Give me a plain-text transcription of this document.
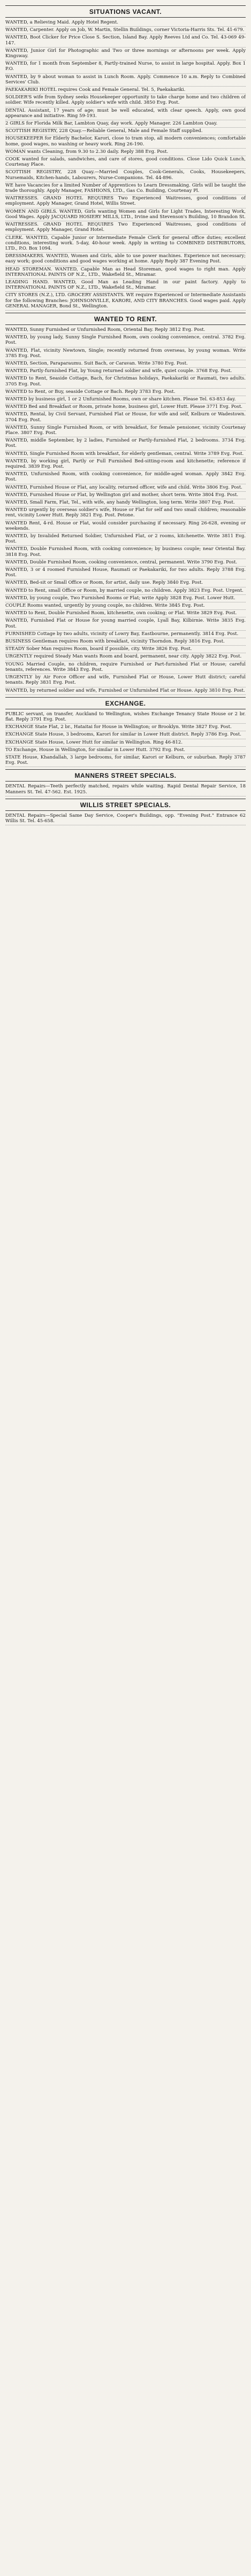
SITUATIONS VACANT.
WANTED, a Relieving Maid. Apply Hotel Regent.
WANTED, Carpenter. Apply on Job, W. Martin, Stellin Buildings, corner Victoria-Harris Sts. Tel. 41-679.
WANTED, Boot Clicker for Price Close S. Section, Island Bay. Apply Reeves Ltd and Co. Tel. 43-069 49-147.
WANTED, Junior Girl for Photographic and Two or three mornings or afternoons per week. Apply Kingsway.
WANTED, for 1 month from September 8, Partly-trained Nurse, to assist in large hospital. Apply. Box 1 P.O.
WANTED, by 9 about woman to assist in Lunch Room. Apply. Commence 10 a.m. Reply to Combined Services' Club.
PAEKAKARIKI HOTEL requires Cook and Female General. Tel. 5, Paekakariki.
SOLDIER'S wife from Sydney seeks Housekeeper opportunity to take charge home and two children of soldier. Wife recently killed. Apply soldier's wife with child. 3850 Evg. Post.
DENTAL Assistant, 17 years of age; must be well educated, with clear speech. Apply, own good appearance and initiative. Ring 59-193.
2 GIRLS for Florida Milk Bar, Lambton Quay, day work. Apply Manager. 226 Lambton Quay.
SCOTTISH REGISTRY, 228 Quay.—Reliable General, Male and Female Staff supplied.
HOUSEKEEPER for Elderly Bachelor, Karori, close to tram stop, all modern conveniences; comfortable home, good wages, no washing or heavy work. Ring 26-190.
WOMAN wants Cleaning, from 9.30 to 2.30 daily. Reply 388 Evg. Post.
COOK wanted for salads, sandwiches, and care of stores, good conditions. Close Lido Quick Lunch, Courtenay Place.
SCOTTISH REGISTRY, 228 Quay.—Married Couples, Cook-Generals, Cooks, Housekeepers, Nursemaids, Kitchen-hands, Labourers, Nurse-Companions. Tel. 44-896.
WE have Vacancies for a limited Number of Apprentices to Learn Dressmaking. Girls will be taught the trade thoroughly. Apply Manager, FASHIONS, LTD., Gas Co. Building, Courtenay Pl.
WAITRESSES. GRAND HOTEL REQUIRES Two Experienced Waitresses, good conditions of employment. Apply Manager, Grand Hotel, Willis Street.
WOMEN AND GIRLS. WANTED, Girls wanting Women and Girls for Light Trades, Interesting Work, Good Wages. Apply JACQUARD HOSIERY MILLS, LTD., Irvine and Stevenson's Building, 10 Brandon St.
WAITRESSES. GRAND HOTEL REQUIRES Two Experienced Waitresses, good conditions of employment. Apply Manager, Grand Hotel.
CLERK. WANTED, Capable Junior or Intermediate Female Clerk for general office duties; excellent conditions, interesting work. 5-day, 40-hour week. Apply in writing to COMBINED DISTRIBUTORS, LTD., P.O. Box 1094.
DRESSMAKERS. WANTED, Women and Girls, able to use power machines. Experience not necessary; easy work; good conditions and good wages working at home. Apply Reply 387 Evening Post.
HEAD STOREMAN. WANTED, Capable Man as Head Storeman, good wages to right man. Apply INTERNATIONAL PAINTS OF N.Z., LTD., Wakefield St., Miramar.
LEADING HAND. WANTED, Good Man as Leading Hand in our paint factory. Apply to INTERNATIONAL PAINTS OF N.Z., LTD., Wakefield St., Miramar.
CITY STORES (N.Z.), LTD. GROCERY ASSISTANTS. WE require Experienced or Intermediate Assistants for the following Branches: JOHNSONVILLE, KARORI, AND CITY BRANCHES. Good wages paid. Apply GENERAL MANAGER, Bond St., Wellington.
WANTED TO RENT.
WANTED, Sunny Furnished or Unfurnished Room, Oriental Bay. Reply 3812 Evg. Post.
WANTED, by young lady, Sunny Single Furnished Room, own cooking convenience, central. 3782 Evg. Post.
WANTED, Flat, vicinity Newtown, Single; recently returned from overseas, by young woman. Write 3785 Evg. Post.
WANTED, Section, Paraparaumu. Suit Bach, or Caravan. Write 3780 Evg. Post.
WANTED, Partly-furnished Flat, by Young returned soldier and wife, quiet couple. 3768 Evg. Post.
WANTED to Rent, Seaside Cottage, Bach, for Christmas holidays, Paekakariki or Raumati, two adults. 3705 Evg. Post.
WANTED to Rent, or Buy, seaside Cottage or Bach. Reply 3783 Evg. Post.
WANTED by business girl, 1 or 2 Unfurnished Rooms, own or share kitchen. Please Tel. 63-853 day.
WANTED Bed and Breakfast or Room, private home, business girl, Lower Hutt. Please 3771 Evg. Post.
WANTED, Rental, by Civil Servant, Furnished Flat or House, for wife and self, Kelburn or Wadestown. 3704 Evg. Post.
WANTED, Sunny Single Furnished Room, or with breakfast, for female pensioner, vicinity Courtenay Place. 3807 Evg. Post.
WANTED, middle September, by 2 ladies, Furnished or Partly-furnished Flat, 2 bedrooms. 3734 Evg. Post.
WANTED, Single Furnished Room with breakfast, for elderly gentleman, central. Write 3789 Evg. Post.
WANTED, by working girl, Partly or Full Furnished Bed-sitting-room and kitchenette; reference if required. 3839 Evg. Post.
WANTED, Unfurnished Room, with cooking convenience, for middle-aged woman. Apply 3842 Evg. Post.
WANTED, Furnished House or Flat, any locality, returned officer, wife and child. Write 3806 Evg. Post.
WANTED, Furnished House or Flat, by Wellington girl and mother, short term. Write 3804 Evg. Post.
WANTED, Small Farm, Flat, Tel., with wife, any handy Wellington, long term. Write 3807 Evg. Post.
WANTED urgently by overseas soldier's wife, House or Flat for self and two small children; reasonable rent, vicinity Lower Hutt. Reply 3821 Evg. Post. Petone.
WANTED Rent, 4-rd. House or Flat, would consider purchasing if necessary. Ring 26-628, evening or weekends.
WANTED, by Invalided Returned Soldier, Unfurnished Flat, or 2 rooms, kitchenette. Write 3811 Evg. Post.
WANTED, Double Furnished Room, with cooking convenience; by business couple; near Oriental Bay. 3818 Evg. Post.
WANTED, Double Furnished Room, cooking convenience, central, permanent. Write 3790 Evg. Post.
WANTED, 3 or 4 roomed Furnished House, Raumati or Paekakariki, for two adults. Reply 3788 Evg. Post.
WANTED, Bed-sit or Small Office or Room, for artist, daily use. Reply 3840 Evg. Post.
WANTED to Rent, small Office or Room, by married couple, no children. Apply 3823 Evg. Post. Urgent.
WANTED, by young couple, Two Furnished Rooms or Flat; write Apply 3828 Evg. Post. Lower Hutt.
COUPLE Rooms wanted, urgently by young couple, no children. Write 3845 Evg. Post.
WANTED to Rent, Double Furnished Room, kitchenette, own cooking; or Flat. Write 3829 Evg. Post.
WANTED, Furnished Flat or House for young married couple, Lyall Bay, Kilbirnie. Write 3835 Evg. Post.
FURNISHED Cottage by two adults, vicinity of Lowry Bay, Eastbourne, permanently. 3814 Evg. Post.
BUSINESS Gentleman requires Room with breakfast, vicinity Thorndon. Reply 3816 Evg. Post.
STEADY Sober Man requires Room, board if possible, city. Write 3826 Evg. Post.
URGENTLY required Steady Man wants Room and board, permanent, near city. Apply 3822 Evg. Post.
YOUNG Married Couple, no children, require Furnished or Part-furnished Flat or House; careful tenants, references. Write 3843 Evg. Post.
URGENTLY by Air Force Officer and wife, Furnished Flat or House, Lower Hutt district; careful tenants. Reply 3831 Evg. Post.
WANTED, by returned soldier and wife, Furnished or Unfurnished Flat or House. Apply 3810 Evg. Post.
EXCHANGE.
PUBLIC servant, on transfer, Auckland to Wellington, wishes Exchange Tenancy State House or 2 br. flat. Reply 3791 Evg. Post.
EXCHANGE State Flat, 2 br., Hataitai for House in Wellington; or Brooklyn. Write 3827 Evg. Post.
EXCHANGE State House, 3 bedrooms, Karori for similar in Lower Hutt district. Reply 3786 Evg. Post.
EXCHANGE State House, Lower Hutt for similar in Wellington. Ring 46-812.
TO Exchange, House in Wellington, for similar in Lower Hutt. 3792 Evg. Post.
STATE House, Khandallah, 3 large bedrooms, for similar, Karori or Kelburn, or suburban. Reply 3787 Evg. Post.
MANNERS STREET SPECIALS.
DENTAL Repairs—Teeth perfectly matched, repairs while waiting. Rapid Dental Repair Service, 18 Manners St. Tel. 47-562. Est. 1925.
WILLIS STREET SPECIALS.
DENTAL Repairs—Special Same Day Service, Cooper's Buildings, opp. "Evening Post." Entrance 62 Willis St. Tel. 45-658.
